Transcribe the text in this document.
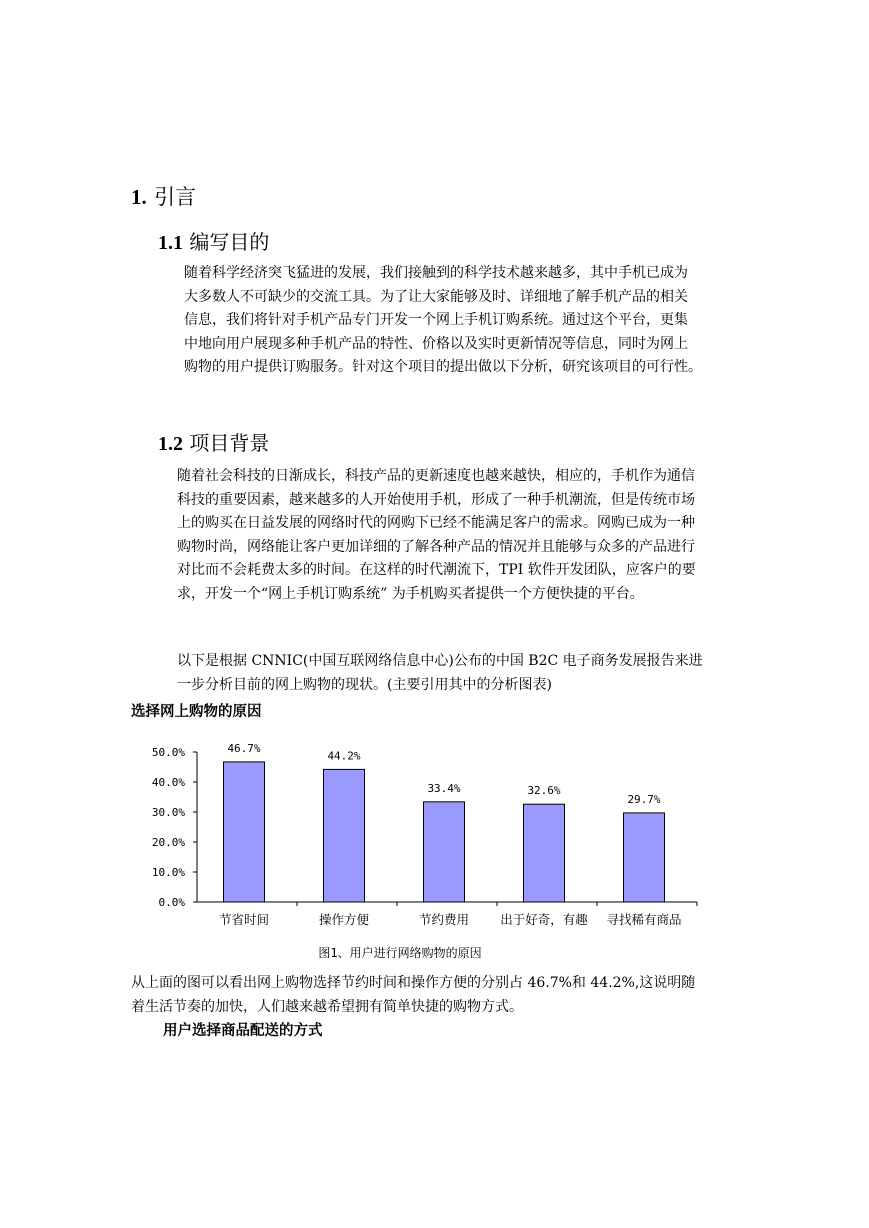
1. 引言
1.1 编写目的
随着科学经济突飞猛进的发展，我们接触到的科学技术越来越多，其中手机已成为
大多数人不可缺少的交流工具。为了让大家能够及时、详细地了解手机产品的相关
信息，我们将针对手机产品专门开发一个网上手机订购系统。通过这个平台，更集
中地向用户展现多种手机产品的特性、价格以及实时更新情况等信息，同时为网上
购物的用户提供订购服务。针对这个项目的提出做以下分析，研究该项目的可行性。
1.2 项目背景
随着社会科技的日渐成长，科技产品的更新速度也越来越快，相应的，手机作为通信
科技的重要因素，越来越多的人开始使用手机，形成了一种手机潮流，但是传统市场
上的购买在日益发展的网络时代的网购下已经不能满足客户的需求。网购已成为一种
购物时尚，网络能让客户更加详细的了解各种产品的情况并且能够与众多的产品进行
对比而不会耗费太多的时间。在这样的时代潮流下，TPI 软件开发团队，应客户的要
求，开发一个“网上手机订购系统” 为手机购买者提供一个方便快捷的平台。
以下是根据 CNNIC(中国互联网络信息中心)公布的中国 B2C 电子商务发展报告来进
一步分析目前的网上购物的现状。(主要引用其中的分析图表)
选择网上购物的原因
0.0%
10.0%
20.0%
30.0%
40.0%
50.0%	46.7%
节省时间
44.2%
操作方便
33.4%
节约费用
32.6%
出于好奇，有趣
29.7%
寻找稀有商品
图1、用户进行网络购物的原因
从上面的图可以看出网上购物选择节约时间和操作方便的分别占 46.7%和 44.2%,这说明随
着生活节奏的加快，人们越来越希望拥有简单快捷的购物方式。
用户选择商品配送的方式
